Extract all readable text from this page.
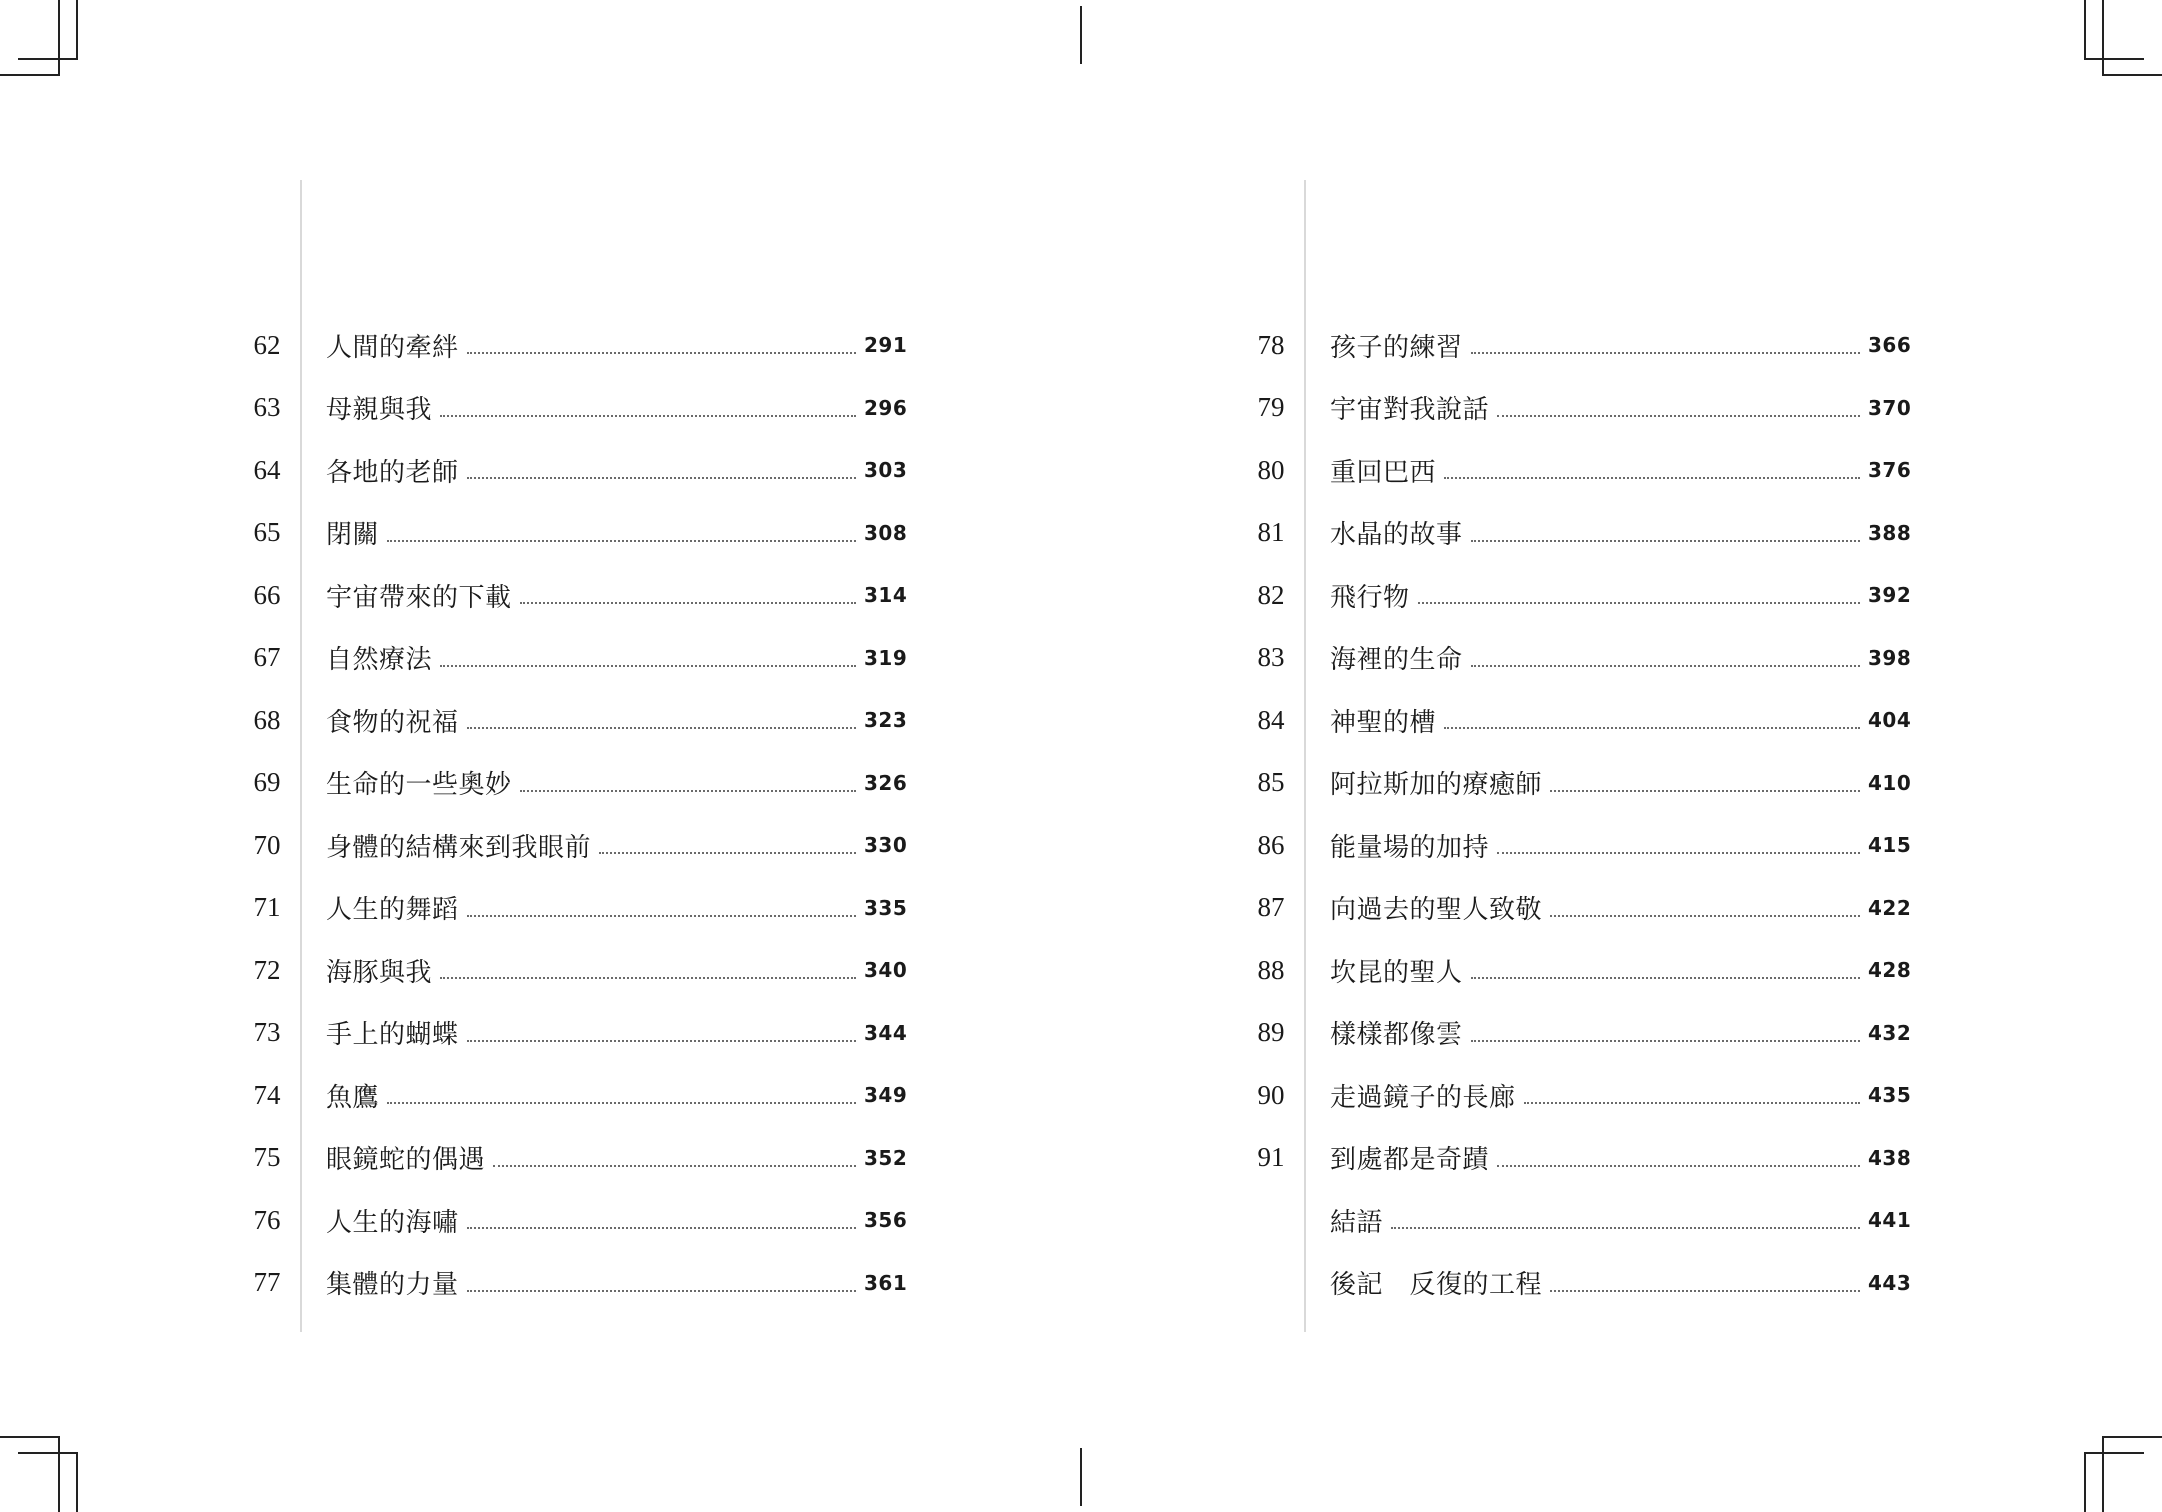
62 人間的牽絆	291
63 母親與我	296
64 各地的老師	303
65 閉關	308
66 宇宙帶來的下載	314
67 自然療法	319
68 食物的祝福	323
69 生命的一些奧妙	326
70 身體的結構來到我眼前	330
71 人生的舞蹈	335
72 海豚與我	340
73 手上的蝴蝶	344
74 魚鷹	349
75 眼鏡蛇的偶遇	352
76 人生的海嘯	356
77 集體的力量	361
78 孩子的練習	366
79 宇宙對我說話	370
80 重回巴西	376
81 水晶的故事	388
82 飛行物	392
83 海裡的生命	398
84 神聖的槽	404
85 阿拉斯加的療癒師	410
86 能量場的加持	415
87 向過去的聖人致敬	422
88 坎昆的聖人	428
89 樣樣都像雲	432
90 走過鏡子的長廊	435
91 到處都是奇蹟	438
結語	441
後記　反復的工程	443
